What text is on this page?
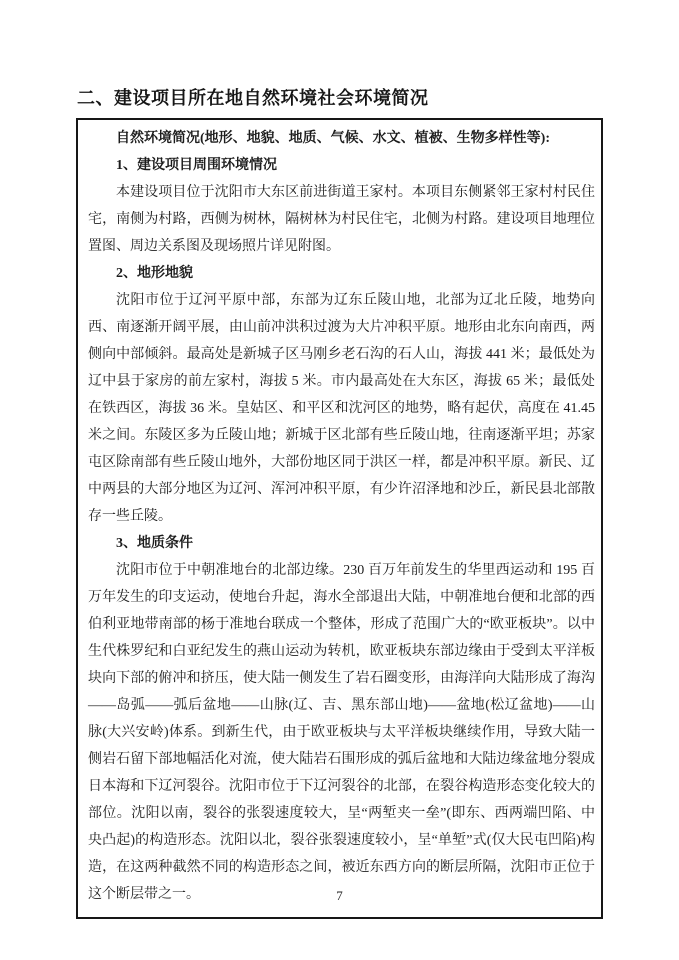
二、建设项目所在地自然环境社会环境简况

自然环境简况(地形、地貌、地质、气候、水文、植被、生物多样性等):

1、建设项目周围环境情况

本建设项目位于沈阳市大东区前进街道王家村。本项目东侧紧邻王家村村民住宅，南侧为村路，西侧为树林，隔树林为村民住宅，北侧为村路。建设项目地理位置图、周边关系图及现场照片详见附图。

2、地形地貌

沈阳市位于辽河平原中部，东部为辽东丘陵山地，北部为辽北丘陵，地势向西、南逐渐开阔平展，由山前冲洪积过渡为大片冲积平原。地形由北东向南西，两侧向中部倾斜。最高处是新城子区马刚乡老石沟的石人山，海拔 441 米；最低处为辽中县于家房的前左家村，海拔 5 米。市内最高处在大东区，海拔 65 米；最低处在铁西区，海拔 36 米。皇姑区、和平区和沈河区的地势，略有起伏，高度在 41.45 米之间。东陵区多为丘陵山地；新城于区北部有些丘陵山地，往南逐渐平坦；苏家屯区除南部有些丘陵山地外，大部份地区同于洪区一样，都是冲积平原。新民、辽中两县的大部分地区为辽河、浑河冲积平原，有少许沼泽地和沙丘，新民县北部散存一些丘陵。

3、地质条件

沈阳市位于中朝准地台的北部边缘。230 百万年前发生的华里西运动和 195 百万年发生的印支运动，使地台升起，海水全部退出大陆，中朝准地台便和北部的西伯利亚地带南部的杨于准地台联成一个整体，形成了范围广大的“欧亚板块”。以中生代株罗纪和白亚纪发生的燕山运动为转机，欧亚板块东部边缘由于受到太平洋板块向下部的俯冲和挤压，使大陆一侧发生了岩石圈变形，由海洋向大陆形成了海沟——岛弧——弧后盆地——山脉(辽、吉、黑东部山地)——盆地(松辽盆地)——山脉(大兴安岭)体系。到新生代，由于欧亚板块与太平洋板块继续作用，导致大陆一侧岩石留下部地幅活化对流，使大陆岩石围形成的弧后盆地和大陆边缘盆地分裂成日本海和下辽河裂谷。沈阳市位于下辽河裂谷的北部，在裂谷构造形态变化较大的部位。沈阳以南，裂谷的张裂速度较大，呈“两堑夹一垒”(即东、西两端凹陷、中央凸起)的构造形态。沈阳以北，裂谷张裂速度较小，呈“单堑”式(仅大民屯凹陷)构造，在这两种截然不同的构造形态之间，被近东西方向的断层所隔，沈阳市正位于这个断层带之一。	7
